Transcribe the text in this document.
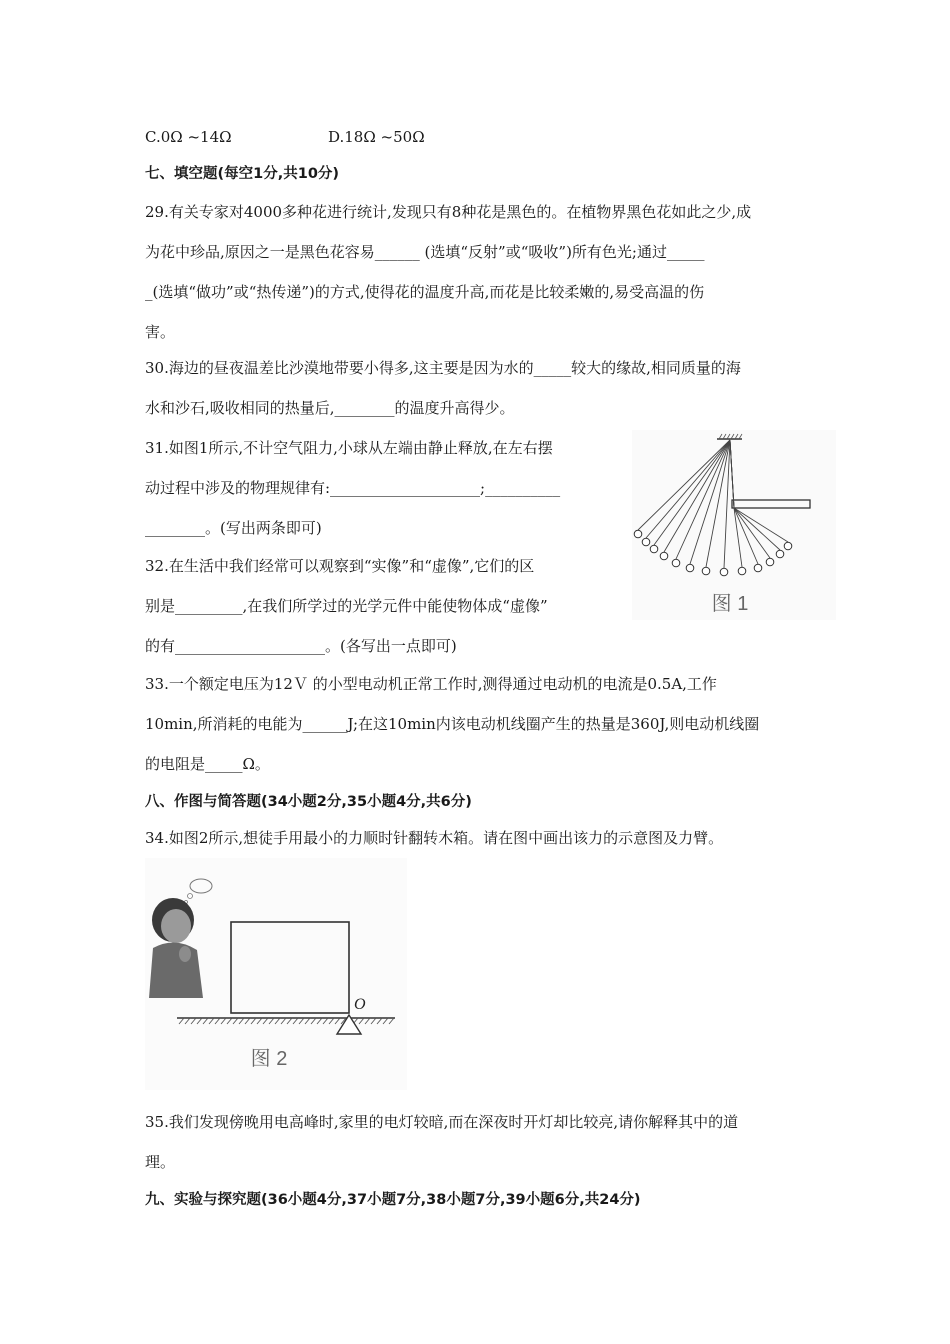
C.0Ω ~14Ω	D.18Ω ~50Ω
七、填空题(每空1分,共10分)
29.有关专家对4000多种花进行统计,发现只有8种花是黑色的。在植物界黑色花如此之少,成
为花中珍品,原因之一是黑色花容易______ (选填“反射”或“吸收”)所有色光;通过_____
_(选填“做功”或“热传递”)的方式,使得花的温度升高,而花是比较柔嫩的,易受高温的伤
害。
30.海边的昼夜温差比沙漠地带要小得多,这主要是因为水的_____较大的缘故,相同质量的海
水和沙石,吸收相同的热量后,________的温度升高得少。
31.如图1所示,不计空气阻力,小球从左端由静止释放,在左右摆
动过程中涉及的物理规律有:____________________;__________
________。(写出两条即可)
32.在生活中我们经常可以观察到“实像”和“虚像”,它们的区
别是_________,在我们所学过的光学元件中能使物体成“虚像”
的有____________________。(各写出一点即可)
33.一个额定电压为12Ｖ 的小型电动机正常工作时,测得通过电动机的电流是0.5A,工作
10min,所消耗的电能为______J;在这10min内该电动机线圈产生的热量是360J,则电动机线圈
的电阻是_____Ω。
八、作图与简答题(34小题2分,35小题4分,共6分)
34.如图2所示,想徒手用最小的力顺时针翻转木箱。请在图中画出该力的示意图及力臂。
35.我们发现傍晚用电高峰时,家里的电灯较暗,而在深夜时开灯却比较亮,请你解释其中的道
理。
九、实验与探究题(36小题4分,37小题7分,38小题7分,39小题6分,共24分)
图 1
O
图 2
